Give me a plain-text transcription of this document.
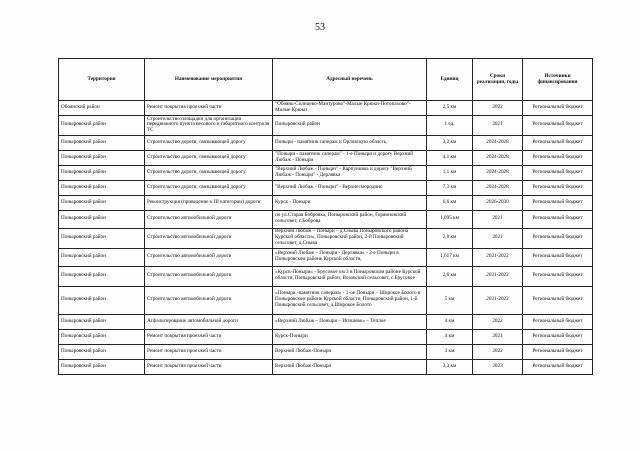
53
Территория	Наименование мероприятия	Адресный перечень	Единиц	Сроки реализации, годы	Источники финансирования
Обоянский район	Ремонт покрытия проезжей части	"Обоянь-Солнцево-Мантурово"-Малые Крюки-Потопахово"-Малые Крюки	2,5 км	2022	Региональный бюджет
Поныровский район	Строительство площадки для организации передвижного пункта весового и габаритного контроля ТС	Поныровский район	1 ед.	2021	Региональный бюджет
Поныровский район	Строительство дороги, связывающей дорогу	Поныри - памятник саперам и Орловскую область,	3,2 км	2024-2028	Региональный бюджет
Поныровский район	Строительство дороги, связывающей дорогу	"Поныри - памятник саперам" - 1-е Поныри и дорогу Верхний Любаж - Поныри	4,1 км	2024-2028	Региональный бюджет
Поныровский район	Строительство дороги, связывающей дорогу	"Верхний Любаж - Поныри" - Карпуновка и дорогу "Верхний Любаж - Поныри" - Дерлявка	1,1 км	2024-2028	Региональный бюджет
Поныровский район	Строительство дороги, связывающей дорогу	"Верхний Любаж - Поныри" - Верхнесмородино	7,3 км	2024-2028	Региональный бюджет
Поныровский район	Реконструкция (приведение к III категории) дороги	Курск - Поныри	6,6 км	2026-2030	Региональный бюджет
Поныровский район	Строительство автомобильной дороги	по ул.Старая Бобровка, Поныровский район, Горяиновский сельсовет, с.Боброва	1,095 км	2021	Региональный бюджет
Поныровский район	Строительство автомобильной дороги	Верхний Любаж – Поныри – д.Сныва Поныровского района Курской области», Поныровский район, 2-й Поныровский сельсовет, д.Сныва	2,8 км	2021	Региональный бюджет
Поныровский район	Строительство автомобильной дороги	«Верхний Любаж – Поныри - Дерлявка» - 2-е Поныри в Поныровском районе Курской области,	1,617 км	2021-2022	Региональный бюджет
Поныровский район	Строительство автомобильной дороги	«Курск-Поныри» - Брусовое км 3 в Поныровском районе Курской области, Поныровский район, Возовский сельсовет, с.Брусовое	2,6 км	2021-2022	Региональный бюджет
Поныровский район	Строительство автомобильной дороги	«Поныри -памятник саперам» - 1-ое Поныри – Широкое Болото в Поныровском районе Курской области, Поныровский район, 1-й Поныровский сельсовет, д.Широкое Болото	5 км	2021-2022	Региональный бюджет
Поныровский район	Асфальтирование автомобильной дороги	«Верхний Любаж – Поныри – Игишево» – Теплое	4 км	2022	Региональный бюджет
Поныровский район	Ремонт покрытия проезжей части	Курск-Поныри	4 км	2021	Региональный бюджет
Поныровский район	Ремонт покрытия проезжей части	Верхний Любаж-Поныри	3 км	2022	Региональный бюджет
Поныровский район	Ремонт покрытия проезжей части	Верхний Любаж-Поныри	3,3 км	2023	Региональный бюджет
